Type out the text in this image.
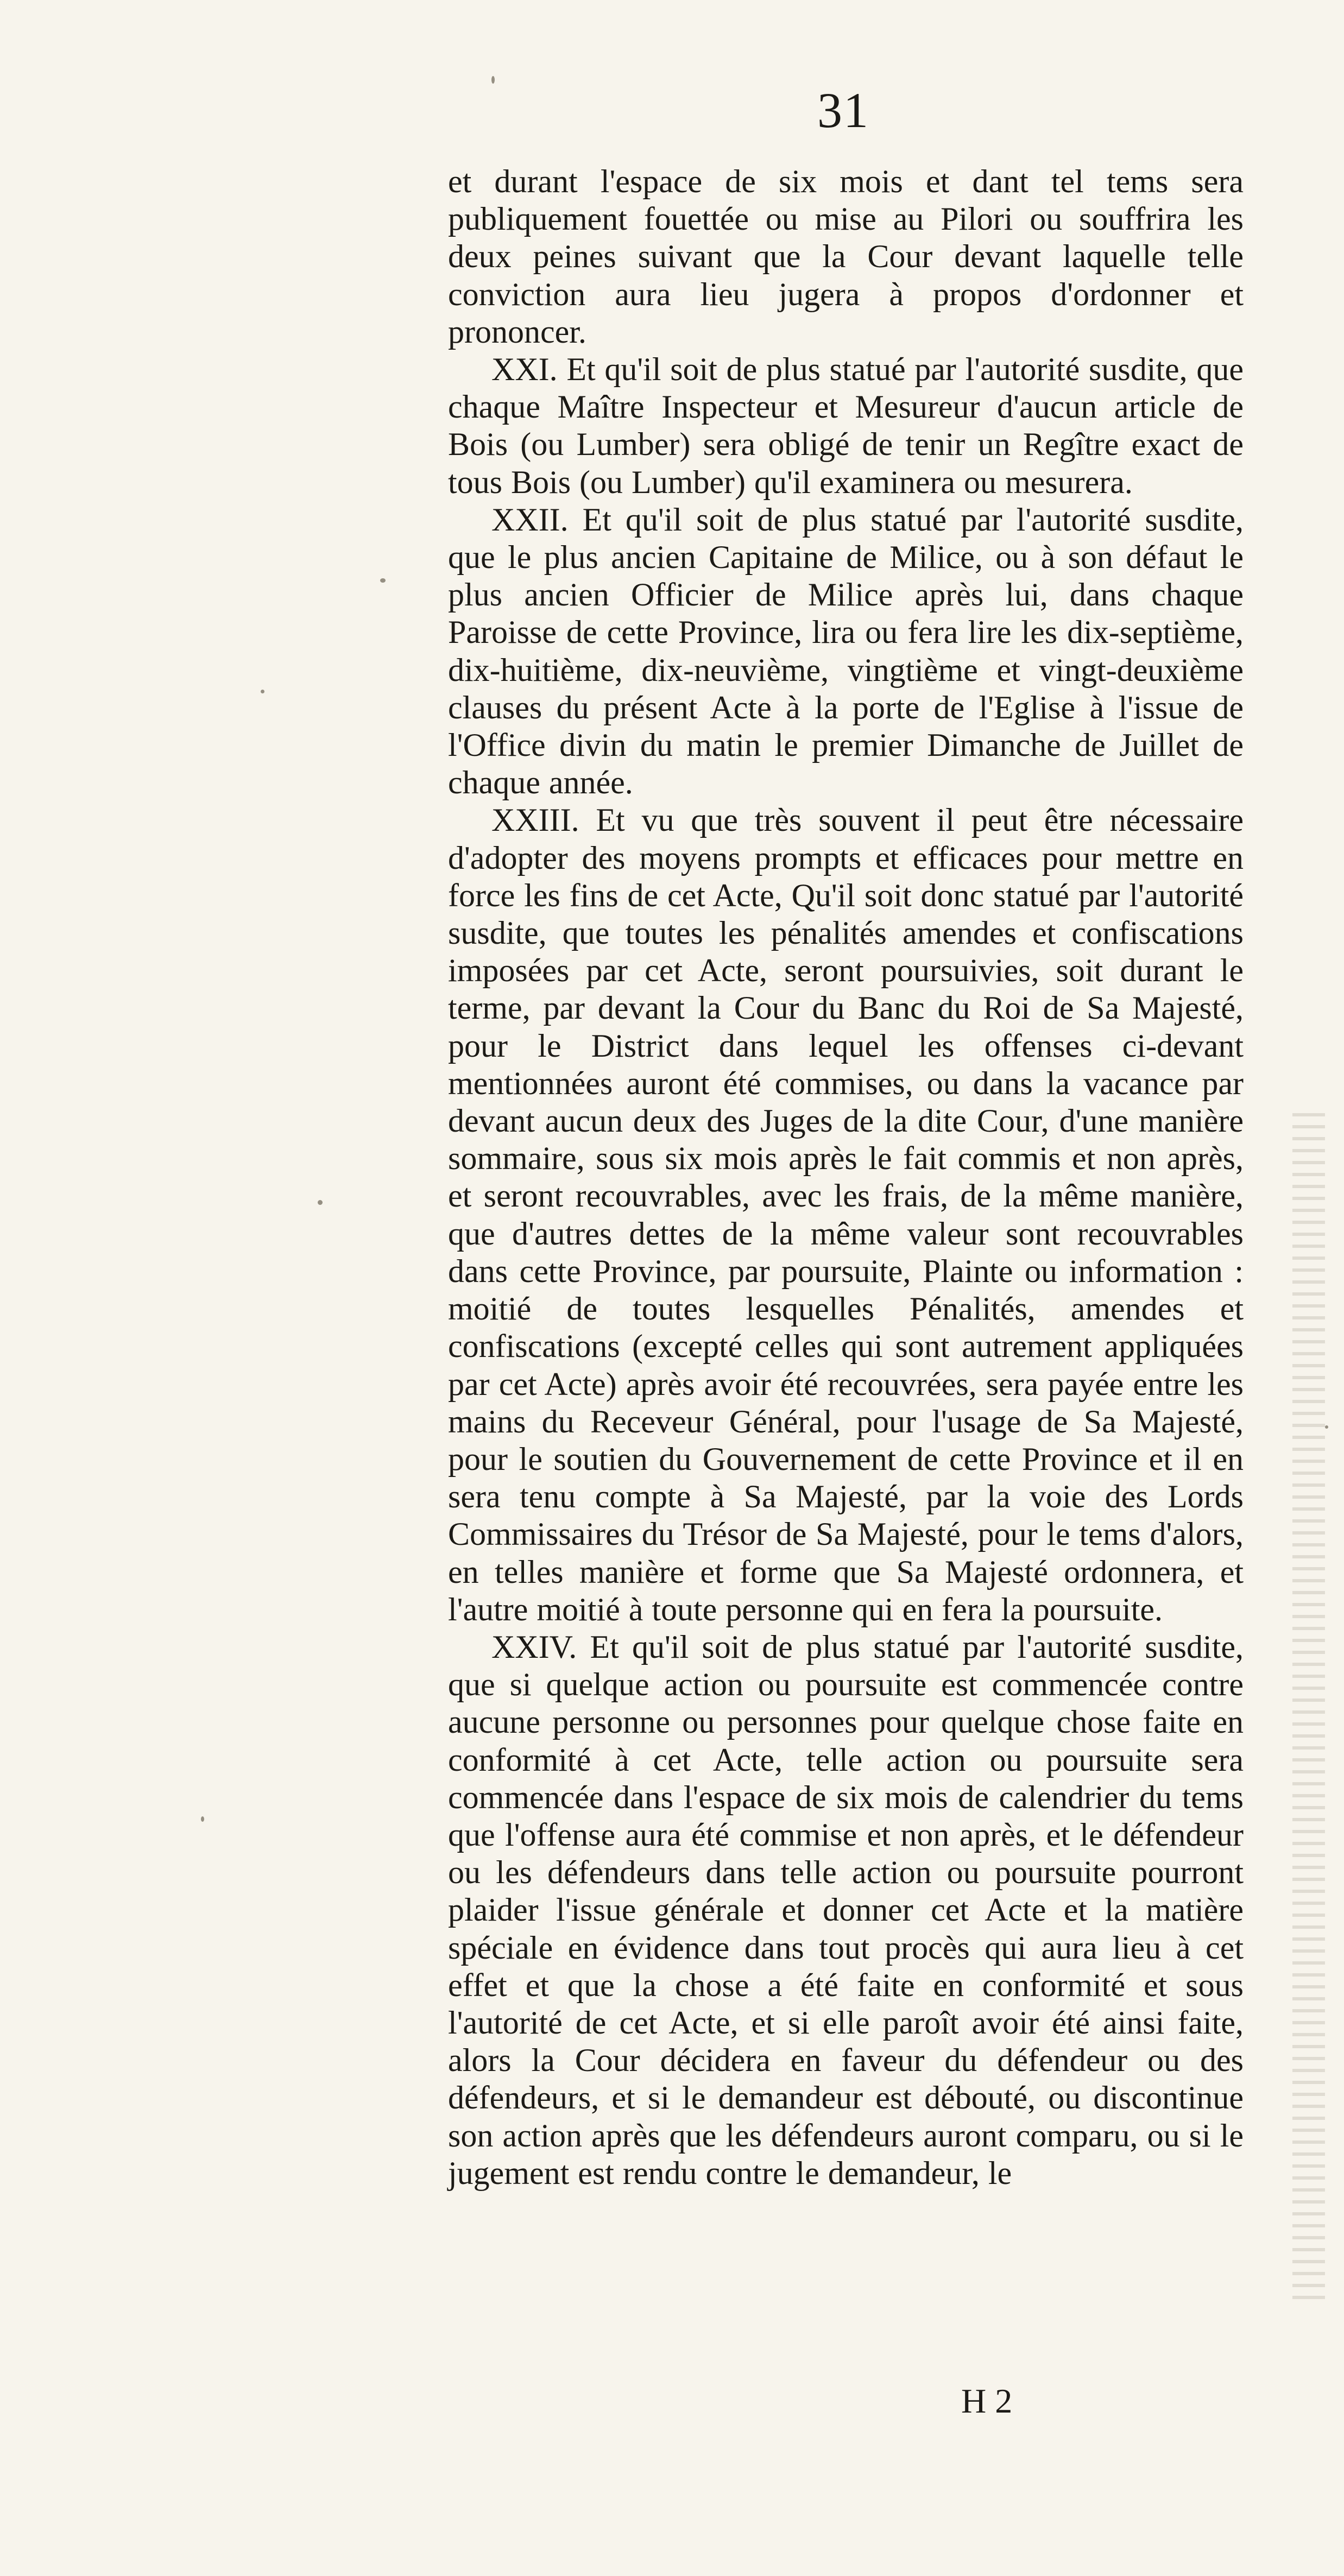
31

et durant l'espace de six mois et dant tel tems sera publiquement fouettée ou mise au Pilori ou souffrira les deux peines suivant que la Cour devant laquelle telle conviction aura lieu jugera à propos d'ordonner et prononcer.

XXI. Et qu'il soit de plus statué par l'autorité susdite, que chaque Maître Inspecteur et Mesureur d'aucun article de Bois (ou Lumber) sera obligé de tenir un Regître exact de tous Bois (ou Lumber) qu'il examinera ou mesurera.

XXII. Et qu'il soit de plus statué par l'autorité susdite, que le plus ancien Capitaine de Milice, ou à son défaut le plus ancien Officier de Milice après lui, dans chaque Paroisse de cette Province, lira ou fera lire les dix-septième, dix-huitième, dix-neuvième, vingtième et vingt-deuxième clauses du présent Acte à la porte de l'Eglise à l'issue de l'Office divin du matin le premier Dimanche de Juillet de chaque année.

XXIII. Et vu que très souvent il peut être nécessaire d'adopter des moyens prompts et efficaces pour mettre en force les fins de cet Acte, Qu'il soit donc statué par l'autorité susdite, que toutes les pénalités amendes et confiscations imposées par cet Acte, seront poursuivies, soit durant le terme, par devant la Cour du Banc du Roi de Sa Majesté, pour le District dans lequel les offenses ci-devant mentionnées auront été commises, ou dans la vacance par devant aucun deux des Juges de la dite Cour, d'une manière sommaire, sous six mois après le fait commis et non après, et seront recouvrables, avec les frais, de la même manière, que d'autres dettes de la même valeur sont recouvrables dans cette Province, par poursuite, Plainte ou information : moitié de toutes lesquelles Pénalités, amendes et confiscations (excepté celles qui sont autrement appliquées par cet Acte) après avoir été recouvrées, sera payée entre les mains du Receveur Général, pour l'usage de Sa Majesté, pour le soutien du Gouvernement de cette Province et il en sera tenu compte à Sa Majesté, par la voie des Lords Commissaires du Trésor de Sa Majesté, pour le tems d'alors, en telles manière et forme que Sa Majesté ordonnera, et l'autre moitié à toute personne qui en fera la poursuite.

XXIV. Et qu'il soit de plus statué par l'autorité susdite, que si quelque action ou poursuite est commencée contre aucune personne ou personnes pour quelque chose faite en conformité à cet Acte, telle action ou poursuite sera commencée dans l'espace de six mois de calendrier du tems que l'offense aura été commise et non après, et le défendeur ou les défendeurs dans telle action ou poursuite pourront plaider l'issue générale et donner cet Acte et la matière spéciale en évidence dans tout procès qui aura lieu à cet effet et que la chose a été faite en conformité et sous l'autorité de cet Acte, et si elle paroît avoir été ainsi faite, alors la Cour décidera en faveur du défendeur ou des défendeurs, et si le demandeur est débouté, ou discontinue son action après que les défendeurs auront comparu, ou si le jugement est rendu contre le demandeur, le

H 2
